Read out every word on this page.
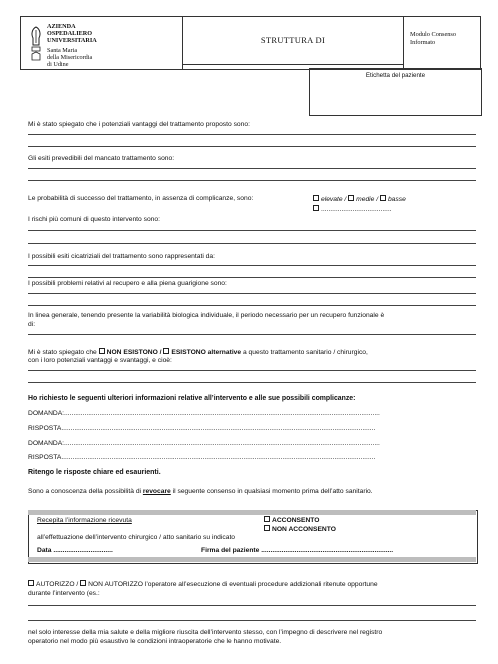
AZIENDA
OSPEDALIERO
UNIVERSITARIA
Santa Maria
della Misericordia
di Udine
STRUTTURA DI
Modulo Consenso
Informato
Etichetta del paziente
Mi è stato spiegato che i potenziali vantaggi del trattamento proposto sono:
Gli esiti prevedibili del mancato trattamento sono:
Le probabilità di successo del trattamento, in assenza di complicanze, sono:	elevate / medie / basse
......................................
I rischi più comuni di questo intervento sono:
I possibili esiti cicatriziali del trattamento sono rappresentati da:
I possibili problemi relativi al recupero e alla piena guarigione sono:
In linea generale, tenendo presente la variabilità biologica individuale, il periodo necessario per un recupero funzionale è
di:
Mi è stato spiegato che NON ESISTONO / ESISTONO alternative a questo trattamento sanitario / chirurgico,
con i loro potenziali vantaggi e svantaggi, e cioè:
Ho richiesto le seguenti ulteriori informazioni relative all’intervento e alle sue possibili complicanze:
DOMANDA:..........................................................................................................................................................................
RISPOSTA.........................................................................................................................................................................
DOMANDA:..........................................................................................................................................................................
RISPOSTA.........................................................................................................................................................................
Ritengo le risposte chiare ed esaurienti.
Sono a conoscenza della possibilità di revocare il seguente consenso in qualsiasi momento prima dell’atto sanitario.
Recepita l’informazione ricevuta	ACCONSENTO
NON ACCONSENTO
all’effettuazione dell’intervento chirurgico / atto sanitario su indicato
Data ................................	Firma del paziente .......................................................................
AUTORIZZO / NON AUTORIZZO l’operatore all’esecuzione di eventuali procedure addizionali ritenute opportune
durante l’intervento (es.:
nel solo interesse della mia salute e della migliore riuscita dell’intervento stesso, con l’impegno di descrivere nel registro
operatorio nel modo più esaustivo le condizioni intraoperatorie che le hanno motivate.
